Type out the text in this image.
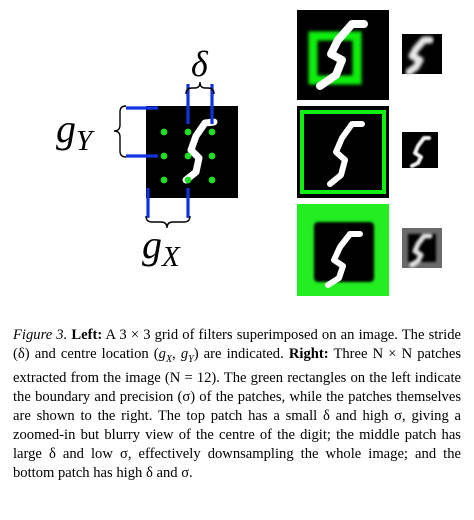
δ
$g_Y$
$g_X$
Figure 3. Left: A 3 × 3 grid of filters superimposed on an image. The stride (δ) and centre location ($g_X$, $g_Y$) are indicated. Right: Three N × N patches extracted from the image (N = 12). The green rectangles on the left indicate the boundary and precision (σ) of the patches, while the patches themselves are shown to the right. The top patch has a small δ and high σ, giving a zoomed-in but blurry view of the centre of the digit; the middle patch has large δ and low σ, effectively downsampling the whole image; and the bottom patch has high δ and σ.
